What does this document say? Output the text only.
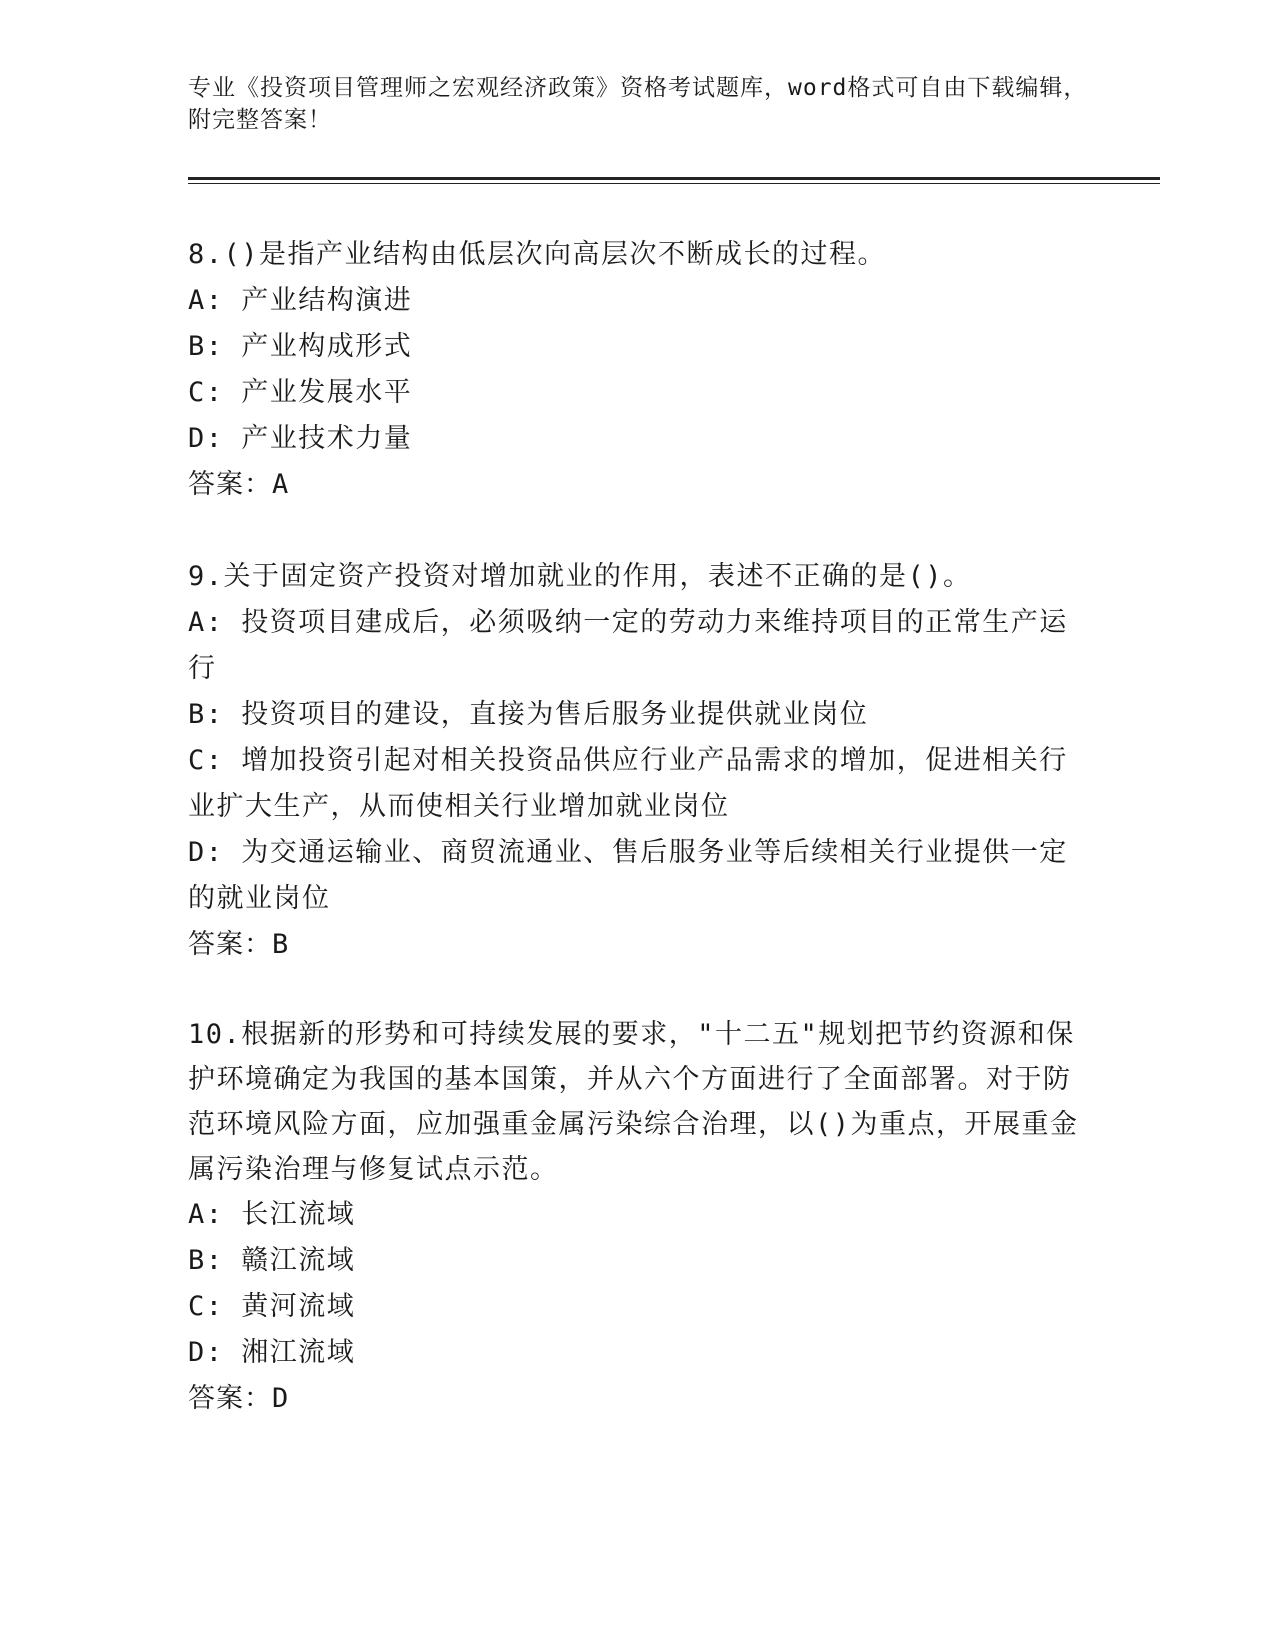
专业《投资项目管理师之宏观经济政策》资格考试题库，word格式可自由下载编辑，附完整答案！

8.()是指产业结构由低层次向高层次不断成长的过程。

A: 产业结构演进

B: 产业构成形式

C: 产业发展水平

D: 产业技术力量

答案：A

9.关于固定资产投资对增加就业的作用，表述不正确的是()。

A: 投资项目建成后，必须吸纳一定的劳动力来维持项目的正常生产运行

B: 投资项目的建设，直接为售后服务业提供就业岗位

C: 增加投资引起对相关投资品供应行业产品需求的增加，促进相关行业扩大生产，从而使相关行业增加就业岗位

D: 为交通运输业、商贸流通业、售后服务业等后续相关行业提供一定的就业岗位

答案：B

10.根据新的形势和可持续发展的要求，"十二五"规划把节约资源和保护环境确定为我国的基本国策，并从六个方面进行了全面部署。对于防范环境风险方面，应加强重金属污染综合治理，以()为重点，开展重金属污染治理与修复试点示范。

A: 长江流域

B: 赣江流域

C: 黄河流域

D: 湘江流域

答案：D
